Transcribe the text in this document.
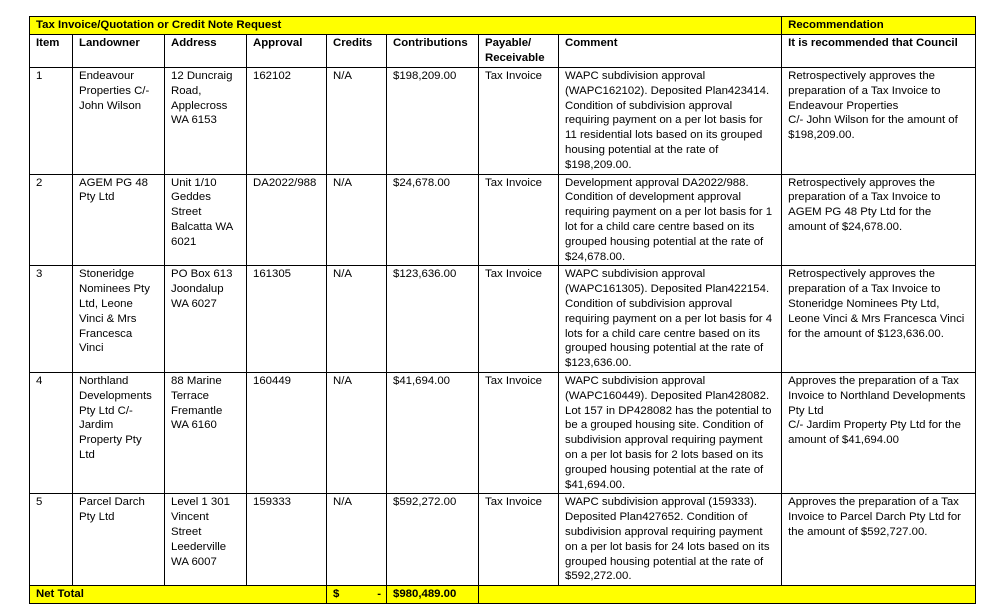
Tax Invoice/Quotation or Credit Note Request								Recommendation
Item	Landowner	Address	Approval	Credits	Contributions	Payable/ Receivable	Comment	It is recommended that Council
1	Endeavour Properties C/- John Wilson	12 Duncraig Road, Applecross WA 6153	162102	N/A	$198,209.00	Tax Invoice	WAPC subdivision approval (WAPC162102). Deposited Plan423414. Condition of subdivision approval requiring payment on a per lot basis for 11 residential lots based on its grouped housing potential at the rate of $198,209.00.	Retrospectively approves the preparation of a Tax Invoice to Endeavour Properties
C/- John Wilson for the amount of $198,209.00.
2	AGEM PG 48 Pty Ltd	Unit 1/10 Geddes Street Balcatta WA 6021	DA2022/988	N/A	$24,678.00	Tax Invoice	Development approval DA2022/988. Condition of development approval requiring payment on a per lot basis for 1 lot for a child care centre based on its grouped housing potential at the rate of $24,678.00.	Retrospectively approves the preparation of a Tax Invoice to AGEM PG 48 Pty Ltd for the amount of $24,678.00.
3	Stoneridge Nominees Pty Ltd, Leone Vinci & Mrs Francesca Vinci	PO Box 613 Joondalup WA 6027	161305	N/A	$123,636.00	Tax Invoice	WAPC subdivision approval (WAPC161305). Deposited Plan422154. Condition of subdivision approval requiring payment on a per lot basis for 4 lots for a child care centre based on its grouped housing potential at the rate of $123,636.00.	Retrospectively approves the preparation of a Tax Invoice to Stoneridge Nominees Pty Ltd, Leone Vinci & Mrs Francesca Vinci for the amount of $123,636.00.
4	Northland Developments Pty Ltd C/- Jardim Property Pty Ltd	88 Marine Terrace Fremantle WA 6160	160449	N/A	$41,694.00	Tax Invoice	WAPC subdivision approval (WAPC160449). Deposited Plan428082. Lot 157 in DP428082 has the potential to be a grouped housing site. Condition of subdivision approval requiring payment on a per lot basis for 2 lots based on its grouped housing potential at the rate of $41,694.00.	Approves the preparation of a Tax Invoice to Northland Developments Pty Ltd
C/- Jardim Property Pty Ltd for the amount of $41,694.00
5	Parcel Darch Pty Ltd	Level 1 301 Vincent Street Leederville WA 6007	159333	N/A	$592,272.00	Tax Invoice	WAPC subdivision approval (159333). Deposited Plan427652. Condition of subdivision approval requiring payment on a per lot basis for 24 lots based on its grouped housing potential at the rate of $592,272.00.	Approves the preparation of a Tax Invoice to Parcel Darch Pty Ltd for the amount of $592,727.00.
Net Total				$ -	$980,489.00			
